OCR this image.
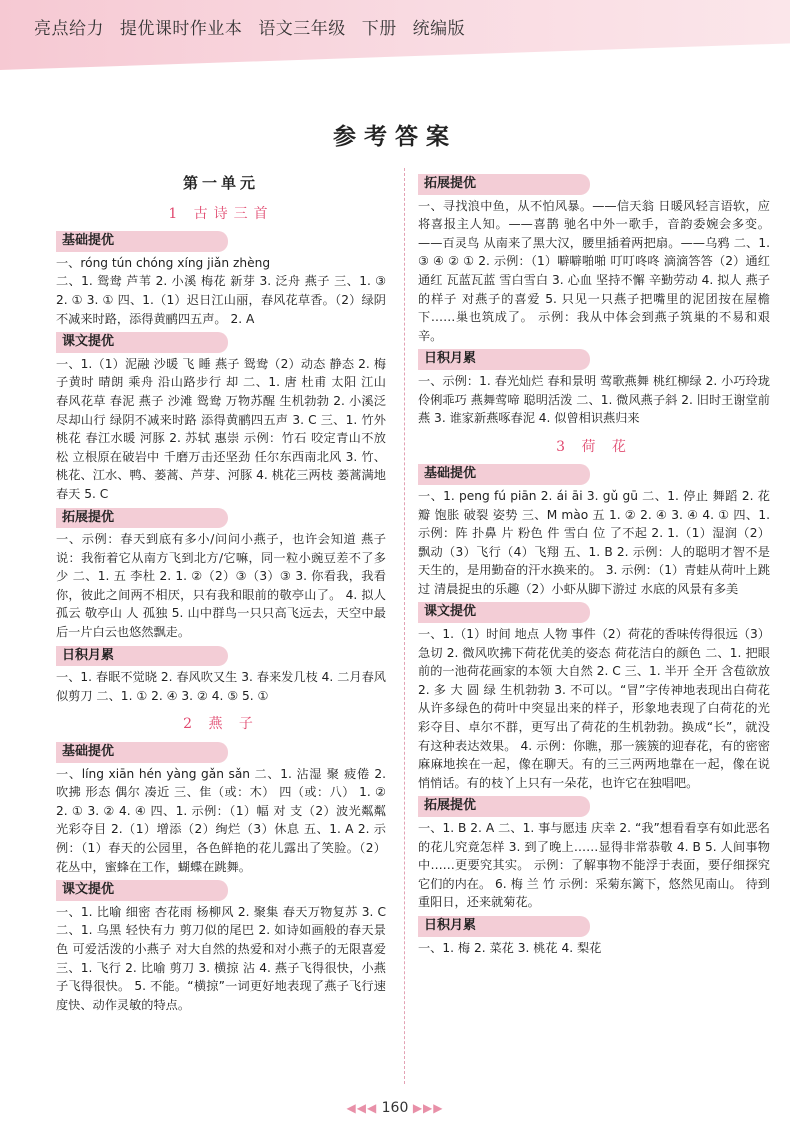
亮点给力 提优课时作业本 语文三年级 下册 统编版
参考答案
第一单元
1 古诗三首
基础提优

一、róng tún chóng xíng jiǎn zhèng

二、1. 鸳鸯 芦苇 2. 小溪 梅花 新芽 3. 泛舟 燕子 三、1. ③ 2. ① 3. ① 四、1.（1）迟日江山丽，春风花草香。（2）绿阴不减来时路，添得黄鹂四五声。 2. A

课文提优

一、1.（1）泥融 沙暖 飞 睡 燕子 鸳鸯（2）动态 静态 2. 梅子黄时 晴朗 乘舟 沿山路步行 却 二、1. 唐 杜甫 太阳 江山 春风花草 春泥 燕子 沙滩 鸳鸯 万物苏醒 生机勃勃 2. 小溪泛尽却山行 绿阴不减来时路 添得黄鹂四五声 3. C 三、1. 竹外桃花 春江水暖 河豚 2. 苏轼 惠崇 示例：竹石 咬定青山不放松 立根原在破岩中 千磨万击还坚劲 任尔东西南北风 3. 竹、桃花、江水、鸭、蒌蒿、芦芽、河豚 4. 桃花三两枝 蒌蒿满地 春天 5. C

拓展提优

一、示例：春天到底有多小/问问小燕子，也许会知道 燕子说：我衔着它从南方飞到北方/它嘛，同一粒小豌豆差不了多少 二、1. 五 李杜 2. 1. ②（2）③（3）③ 3. 你看我，我看你，彼此之间两不相厌，只有我和眼前的敬亭山了。 4. 拟人 孤云 敬亭山 人 孤独 5. 山中群鸟一只只高飞远去，天空中最后一片白云也悠然飘走。

日积月累

一、1. 春眠不觉晓 2. 春风吹又生 3. 春来发几枝 4. 二月春风似剪刀 二、1. ① 2. ④ 3. ② 4. ⑤ 5. ①

2 燕 子
基础提优

一、líng xiān hén yàng gǎn sǎn 二、1. 沾湿 聚 疲倦 2. 吹拂 形态 偶尔 凑近 三、隹（或：木） 四（或：八） 1. ② 2. ① 3. ② 4. ④ 四、1. 示例：（1）幅 对 支（2）波光粼粼 光彩夺目 2.（1）增添（2）绚烂（3）休息 五、1. A 2. 示例：（1）春天的公园里，各色鲜艳的花儿露出了笑脸。（2）花丛中，蜜蜂在工作，蝴蝶在跳舞。

课文提优

一、1. 比喻 细密 杏花雨 杨柳风 2. 聚集 春天万物复苏 3. C 二、1. 乌黑 轻快有力 剪刀似的尾巴 2. 如诗如画般的春天景色 可爱活泼的小燕子 对大自然的热爱和对小燕子的无限喜爱 三、1. 飞行 2. 比喻 剪刀 3. 横掠 沾 4. 燕子飞得很快，小燕子飞得很快。 5. 不能。“横掠”一词更好地表现了燕子飞行速度快、动作灵敏的特点。

拓展提优

一、寻找浪中鱼，从不怕风暴。——信天翁 日暖风轻言语软，应将喜报主人知。——喜鹊 驰名中外一歌手，音韵委婉会多变。——百灵鸟 从南来了黑大汉，腰里插着两把扇。——乌鸦 二、1. ③ ④ ② ① 2. 示例：（1）噼噼啪啪 叮叮咚咚 滴滴答答（2）通红通红 瓦蓝瓦蓝 雪白雪白 3. 心血 坚持不懈 辛勤劳动 4. 拟人 燕子的样子 对燕子的喜爱 5. 只见一只燕子把嘴里的泥团按在屋檐下……巢也筑成了。 示例：我从中体会到燕子筑巢的不易和艰辛。

日积月累

一、示例：1. 春光灿烂 春和景明 莺歌燕舞 桃红柳绿 2. 小巧玲珑 伶俐乖巧 燕舞莺啼 聪明活泼 二、1. 微风燕子斜 2. 旧时王谢堂前燕 3. 谁家新燕啄春泥 4. 似曾相识燕归来

3 荷 花
基础提优

一、1. peng fú piān 2. ái āi 3. gǔ gū 二、1. 停止 舞蹈 2. 花瓣 饱胀 破裂 姿势 三、M mào 五 1. ② 2. ④ 3. ④ 4. ① 四、1. 示例：阵 扑鼻 片 粉色 件 雪白 位 了不起 2. 1.（1）湿润（2）飘动（3）飞行（4）飞翔 五、1. B 2. 示例：人的聪明才智不是天生的，是用勤奋的汗水换来的。 3. 示例：（1）青蛙从荷叶上跳过 清晨捉虫的乐趣（2）小虾从脚下游过 水底的风景有多美

课文提优

一、1.（1）时间 地点 人物 事件（2）荷花的香味传得很远（3）急切 2. 微风吹拂下荷花优美的姿态 荷花洁白的颜色 二、1. 把眼前的一池荷花画家的本领 大自然 2. C 三、1. 半开 全开 含苞欲放 2. 多 大 圆 绿 生机勃勃 3. 不可以。“冒”字传神地表现出白荷花从许多绿色的荷叶中突显出来的样子，形象地表现了白荷花的光彩夺目、卓尔不群，更写出了荷花的生机勃勃。换成“长”，就没有这种表达效果。 4. 示例：你瞧，那一簇簇的迎春花，有的密密麻麻地挨在一起，像在聊天。有的三三两两地靠在一起，像在说悄悄话。有的枝丫上只有一朵花，也许它在独唱吧。

拓展提优

一、1. B 2. A 二、1. 事与愿违 庆幸 2. “我”想看看享有如此恶名的花儿究竟怎样 3. 到了晚上……显得非常恭敬 4. B 5. 人间事物中……更要究其实。 示例：了解事物不能浮于表面，要仔细探究它们的内在。 6. 梅 兰 竹 示例：采菊东篱下，悠然见南山。 待到重阳日，还来就菊花。

日积月累

一、1. 梅 2. 菜花 3. 桃花 4. 梨花

◀◀◀ 160 ▶▶▶
